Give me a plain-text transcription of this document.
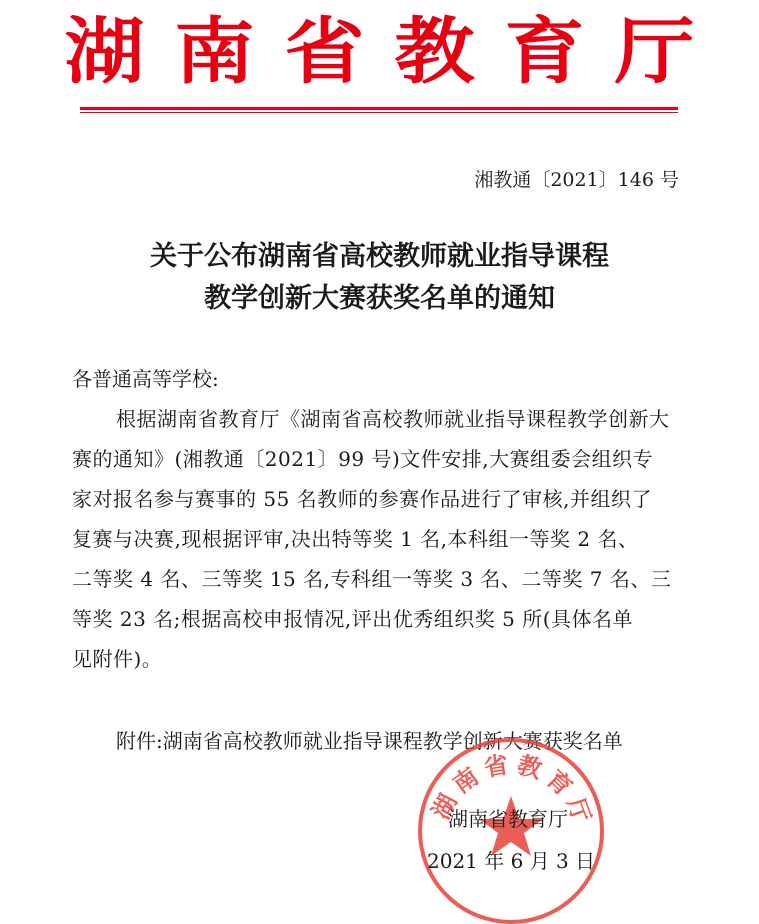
湖南省教育厅
湘教通〔2021〕146 号
关于公布湖南省高校教师就业指导课程
教学创新大赛获奖名单的通知
各普通高等学校:
根据湖南省教育厅《湖南省高校教师就业指导课程教学创新大
赛的通知》(湘教通〔2021〕99 号)文件安排,大赛组委会组织专
家对报名参与赛事的 55 名教师的参赛作品进行了审核,并组织了
复赛与决赛,现根据评审,决出特等奖 1 名,本科组一等奖 2 名、
二等奖 4 名、三等奖 15 名,专科组一等奖 3 名、二等奖 7 名、三
等奖 23 名;根据高校申报情况,评出优秀组织奖 5 所(具体名单
见附件)。
附件:湖南省高校教师就业指导课程教学创新大赛获奖名单
湖南省教育厅
湖南省教育厅
2021 年 6 月 3 日
